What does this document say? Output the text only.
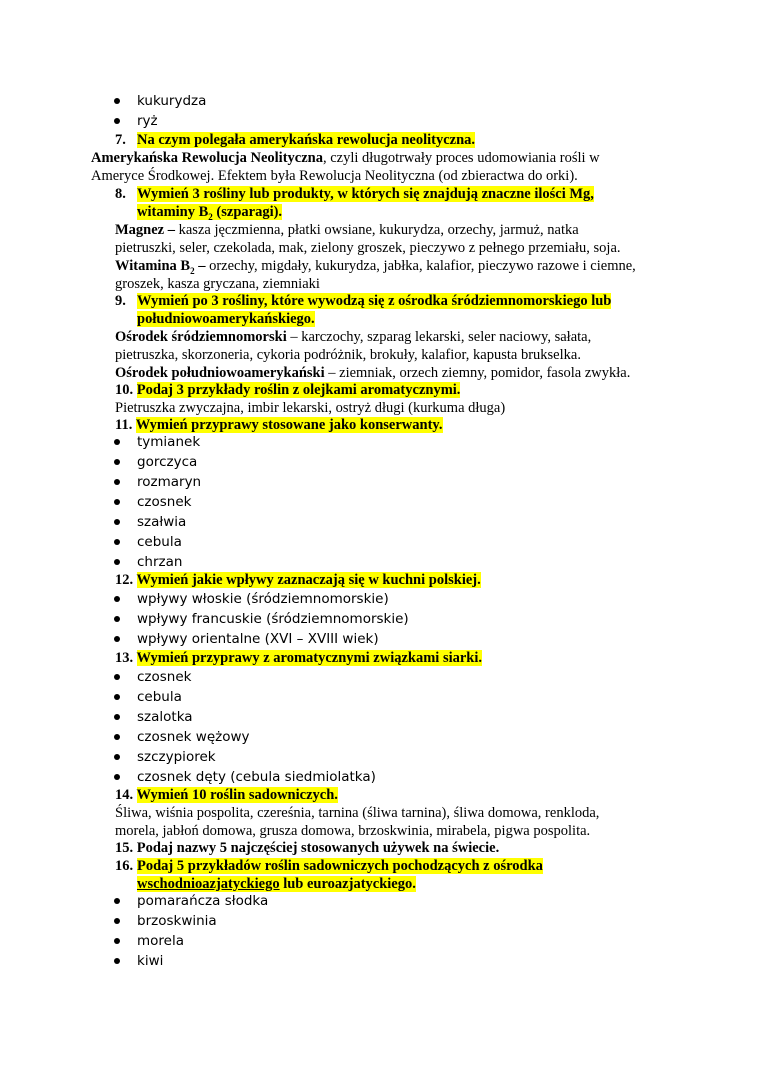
kukurydza
ryż
7. Na czym polegała amerykańska rewolucja neolityczna.
Amerykańska Rewolucja Neolityczna, czyli długotrwały proces udomowiania rośli w
Ameryce Środkowej. Efektem była Rewolucja Neolityczna (od zbieractwa do orki).
8. Wymień 3 rośliny lub produkty, w których się znajdują znaczne ilości Mg,
witaminy $B_2$ (szparagi).
Magnez – kasza jęczmienna, płatki owsiane, kukurydza, orzechy, jarmuż, natka
pietruszki, seler, czekolada, mak, zielony groszek, pieczywo z pełnego przemiału, soja.
Witamina $B_2$ – orzechy, migdały, kukurydza, jabłka, kalafior, pieczywo razowe i ciemne,
groszek, kasza gryczana, ziemniaki
9. Wymień po 3 rośliny, które wywodzą się z ośrodka śródziemnomorskiego lub
południowoamerykańskiego.
Ośrodek śródziemnomorski – karczochy, szparag lekarski, seler naciowy, sałata,
pietruszka, skorzoneria, cykoria podróżnik, brokuły, kalafior, kapusta brukselka.
Ośrodek południowoamerykański – ziemniak, orzech ziemny, pomidor, fasola zwykła.
10. Podaj 3 przykłady roślin z olejkami aromatycznymi.
Pietruszka zwyczajna, imbir lekarski, ostryż długi (kurkuma długa)
11. Wymień przyprawy stosowane jako konserwanty.
tymianek
gorczyca
rozmaryn
czosnek
szałwia
cebula
chrzan
12. Wymień jakie wpływy zaznaczają się w kuchni polskiej.
wpływy włoskie (śródziemnomorskie)
wpływy francuskie (śródziemnomorskie)
wpływy orientalne (XVI – XVIII wiek)
13. Wymień przyprawy z aromatycznymi związkami siarki.
czosnek
cebula
szalotka
czosnek wężowy
szczypiorek
czosnek dęty (cebula siedmiolatka)
14. Wymień 10 roślin sadowniczych.
Śliwa, wiśnia pospolita, czereśnia, tarnina (śliwa tarnina), śliwa domowa, renkloda,
morela, jabłoń domowa, grusza domowa, brzoskwinia, mirabela, pigwa pospolita.
15. Podaj nazwy 5 najczęściej stosowanych używek na świecie.
16. Podaj 5 przykładów roślin sadowniczych pochodzących z ośrodka
wschodnioazjatyckiego lub euroazjatyckiego.
pomarańcza słodka
brzoskwinia
morela
kiwi
